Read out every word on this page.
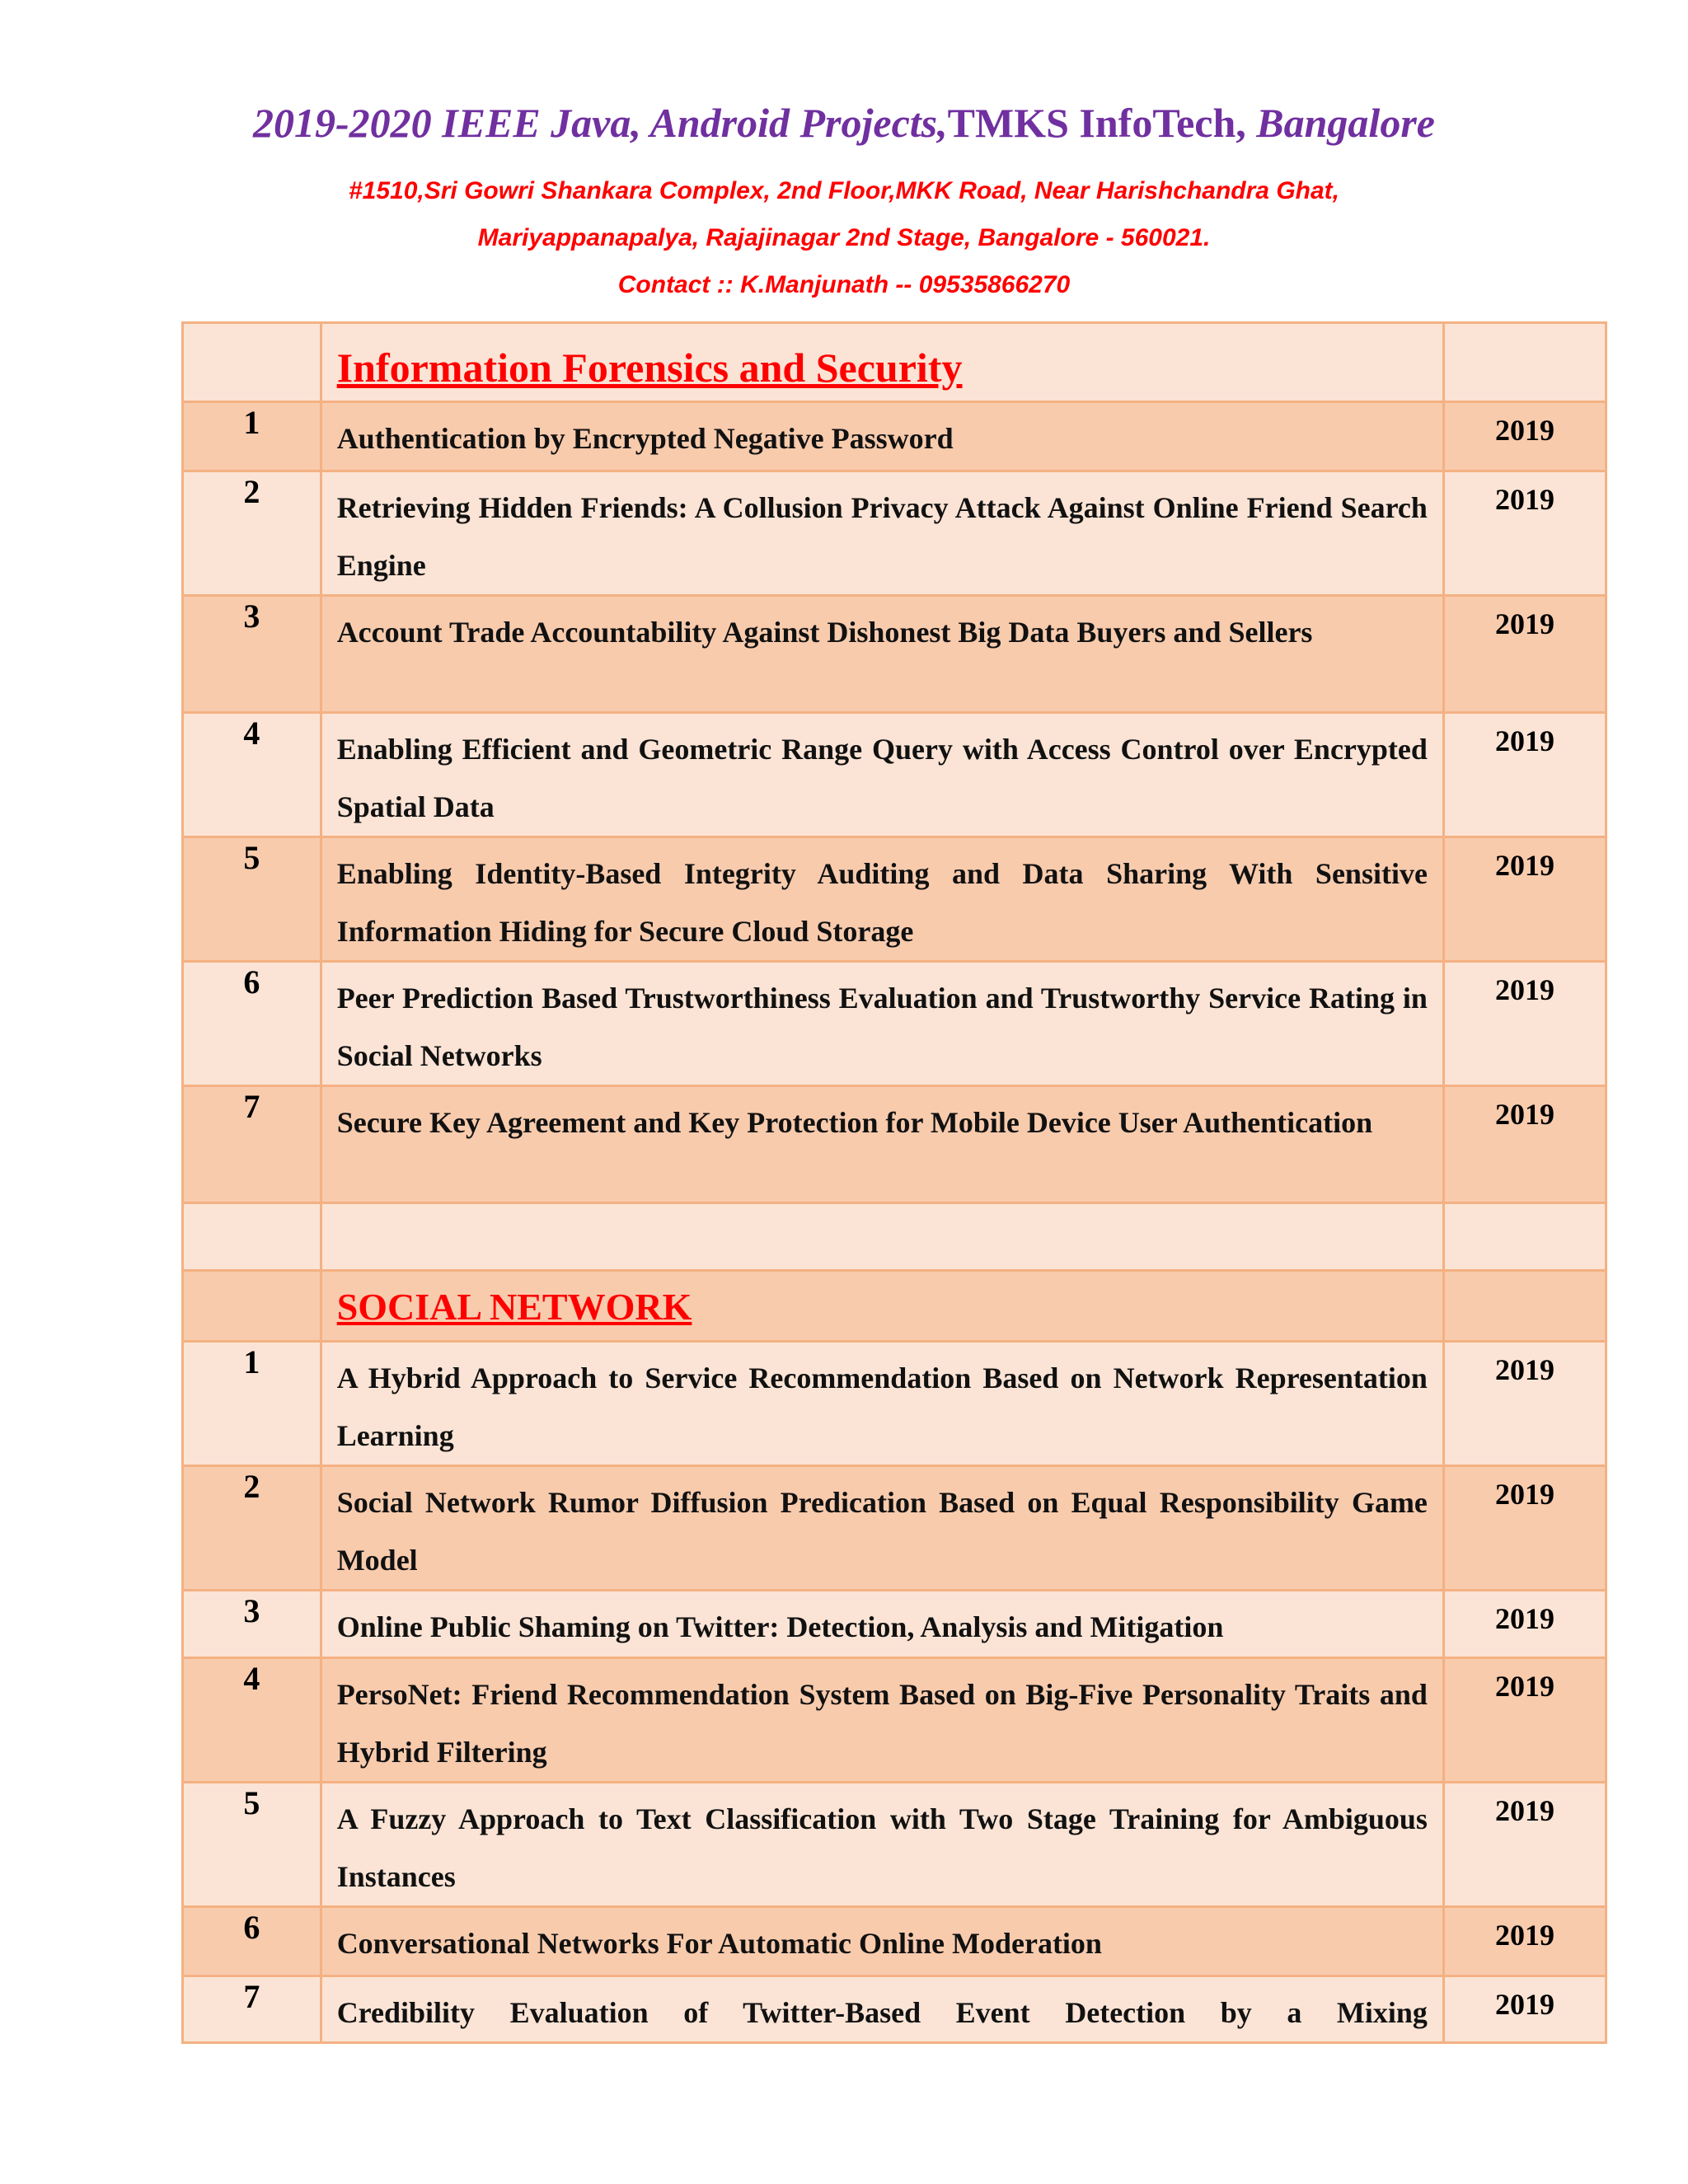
2019-2020 IEEE Java, Android Projects,TMKS InfoTech, Bangalore
#1510,Sri Gowri Shankara Complex, 2nd Floor,MKK Road, Near Harishchandra Ghat,
Mariyappanapalya, Rajajinagar 2nd Stage, Bangalore - 560021.
Contact :: K.Manjunath -- 09535866270

	Information Forensics and Security	

1	Authentication by Encrypted Negative Password	2019
2	Retrieving Hidden Friends: A Collusion Privacy Attack Against Online Friend Search Engine	2019
3	Account Trade Accountability Against Dishonest Big Data Buyers and Sellers	2019
4	Enabling Efficient and Geometric Range Query with Access Control over Encrypted Spatial Data	2019
5	Enabling Identity-Based Integrity Auditing and Data Sharing With Sensitive Information Hiding for Secure Cloud Storage	2019
6	Peer Prediction Based Trustworthiness Evaluation and Trustworthy Service Rating in Social Networks	2019
7	Secure Key Agreement and Key Protection for Mobile Device User Authentication	2019

	SOCIAL NETWORK	

1	A Hybrid Approach to Service Recommendation Based on Network Representation Learning	2019
2	Social Network Rumor Diffusion Predication Based on Equal Responsibility Game Model	2019
3	Online Public Shaming on Twitter: Detection, Analysis and Mitigation	2019
4	PersoNet: Friend Recommendation System Based on Big-Five Personality Traits and Hybrid Filtering	2019
5	A Fuzzy Approach to Text Classification with Two Stage Training for Ambiguous Instances	2019
6	Conversational Networks For Automatic Online Moderation	2019
7	Credibility Evaluation of Twitter-Based Event Detection by a Mixing	2019
